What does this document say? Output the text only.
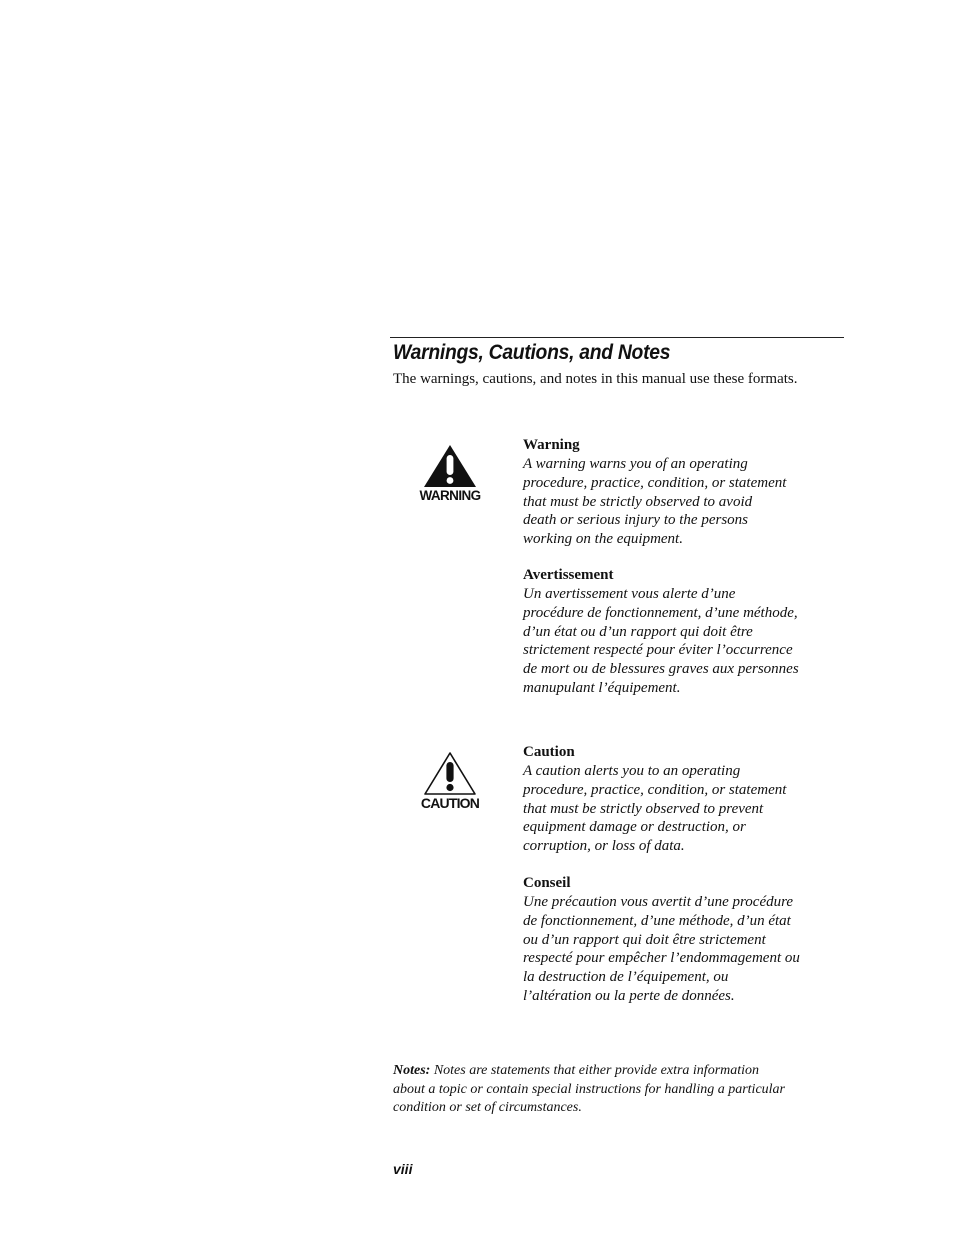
Warnings, Cautions, and Notes
The warnings, cautions, and notes in this manual use these formats.
WARNING
Warning
A warning warns you of an operating
procedure, practice, condition, or statement
that must be strictly observed to avoid
death or serious injury to the persons
working on the equipment.
Avertissement
Un avertissement vous alerte d’une
procédure de fonctionnement, d’une méthode,
d’un état ou d’un rapport qui doit être
strictement respecté pour éviter l’occurrence
de mort ou de blessures graves aux personnes
manupulant l’équipement.
CAUTION
Caution
A caution alerts you to an operating
procedure, practice, condition, or statement
that must be strictly observed to prevent
equipment damage or destruction, or
corruption, or loss of data.
Conseil
Une précaution vous avertit d’une procédure
de fonctionnement, d’une méthode, d’un état
ou d’un rapport qui doit être strictement
respecté pour empêcher l’endommagement ou
la destruction de l’équipement, ou
l’altération ou la perte de données.
Notes: Notes are statements that either provide extra information
about a topic or contain special instructions for handling a particular
condition or set of circumstances.
viii
